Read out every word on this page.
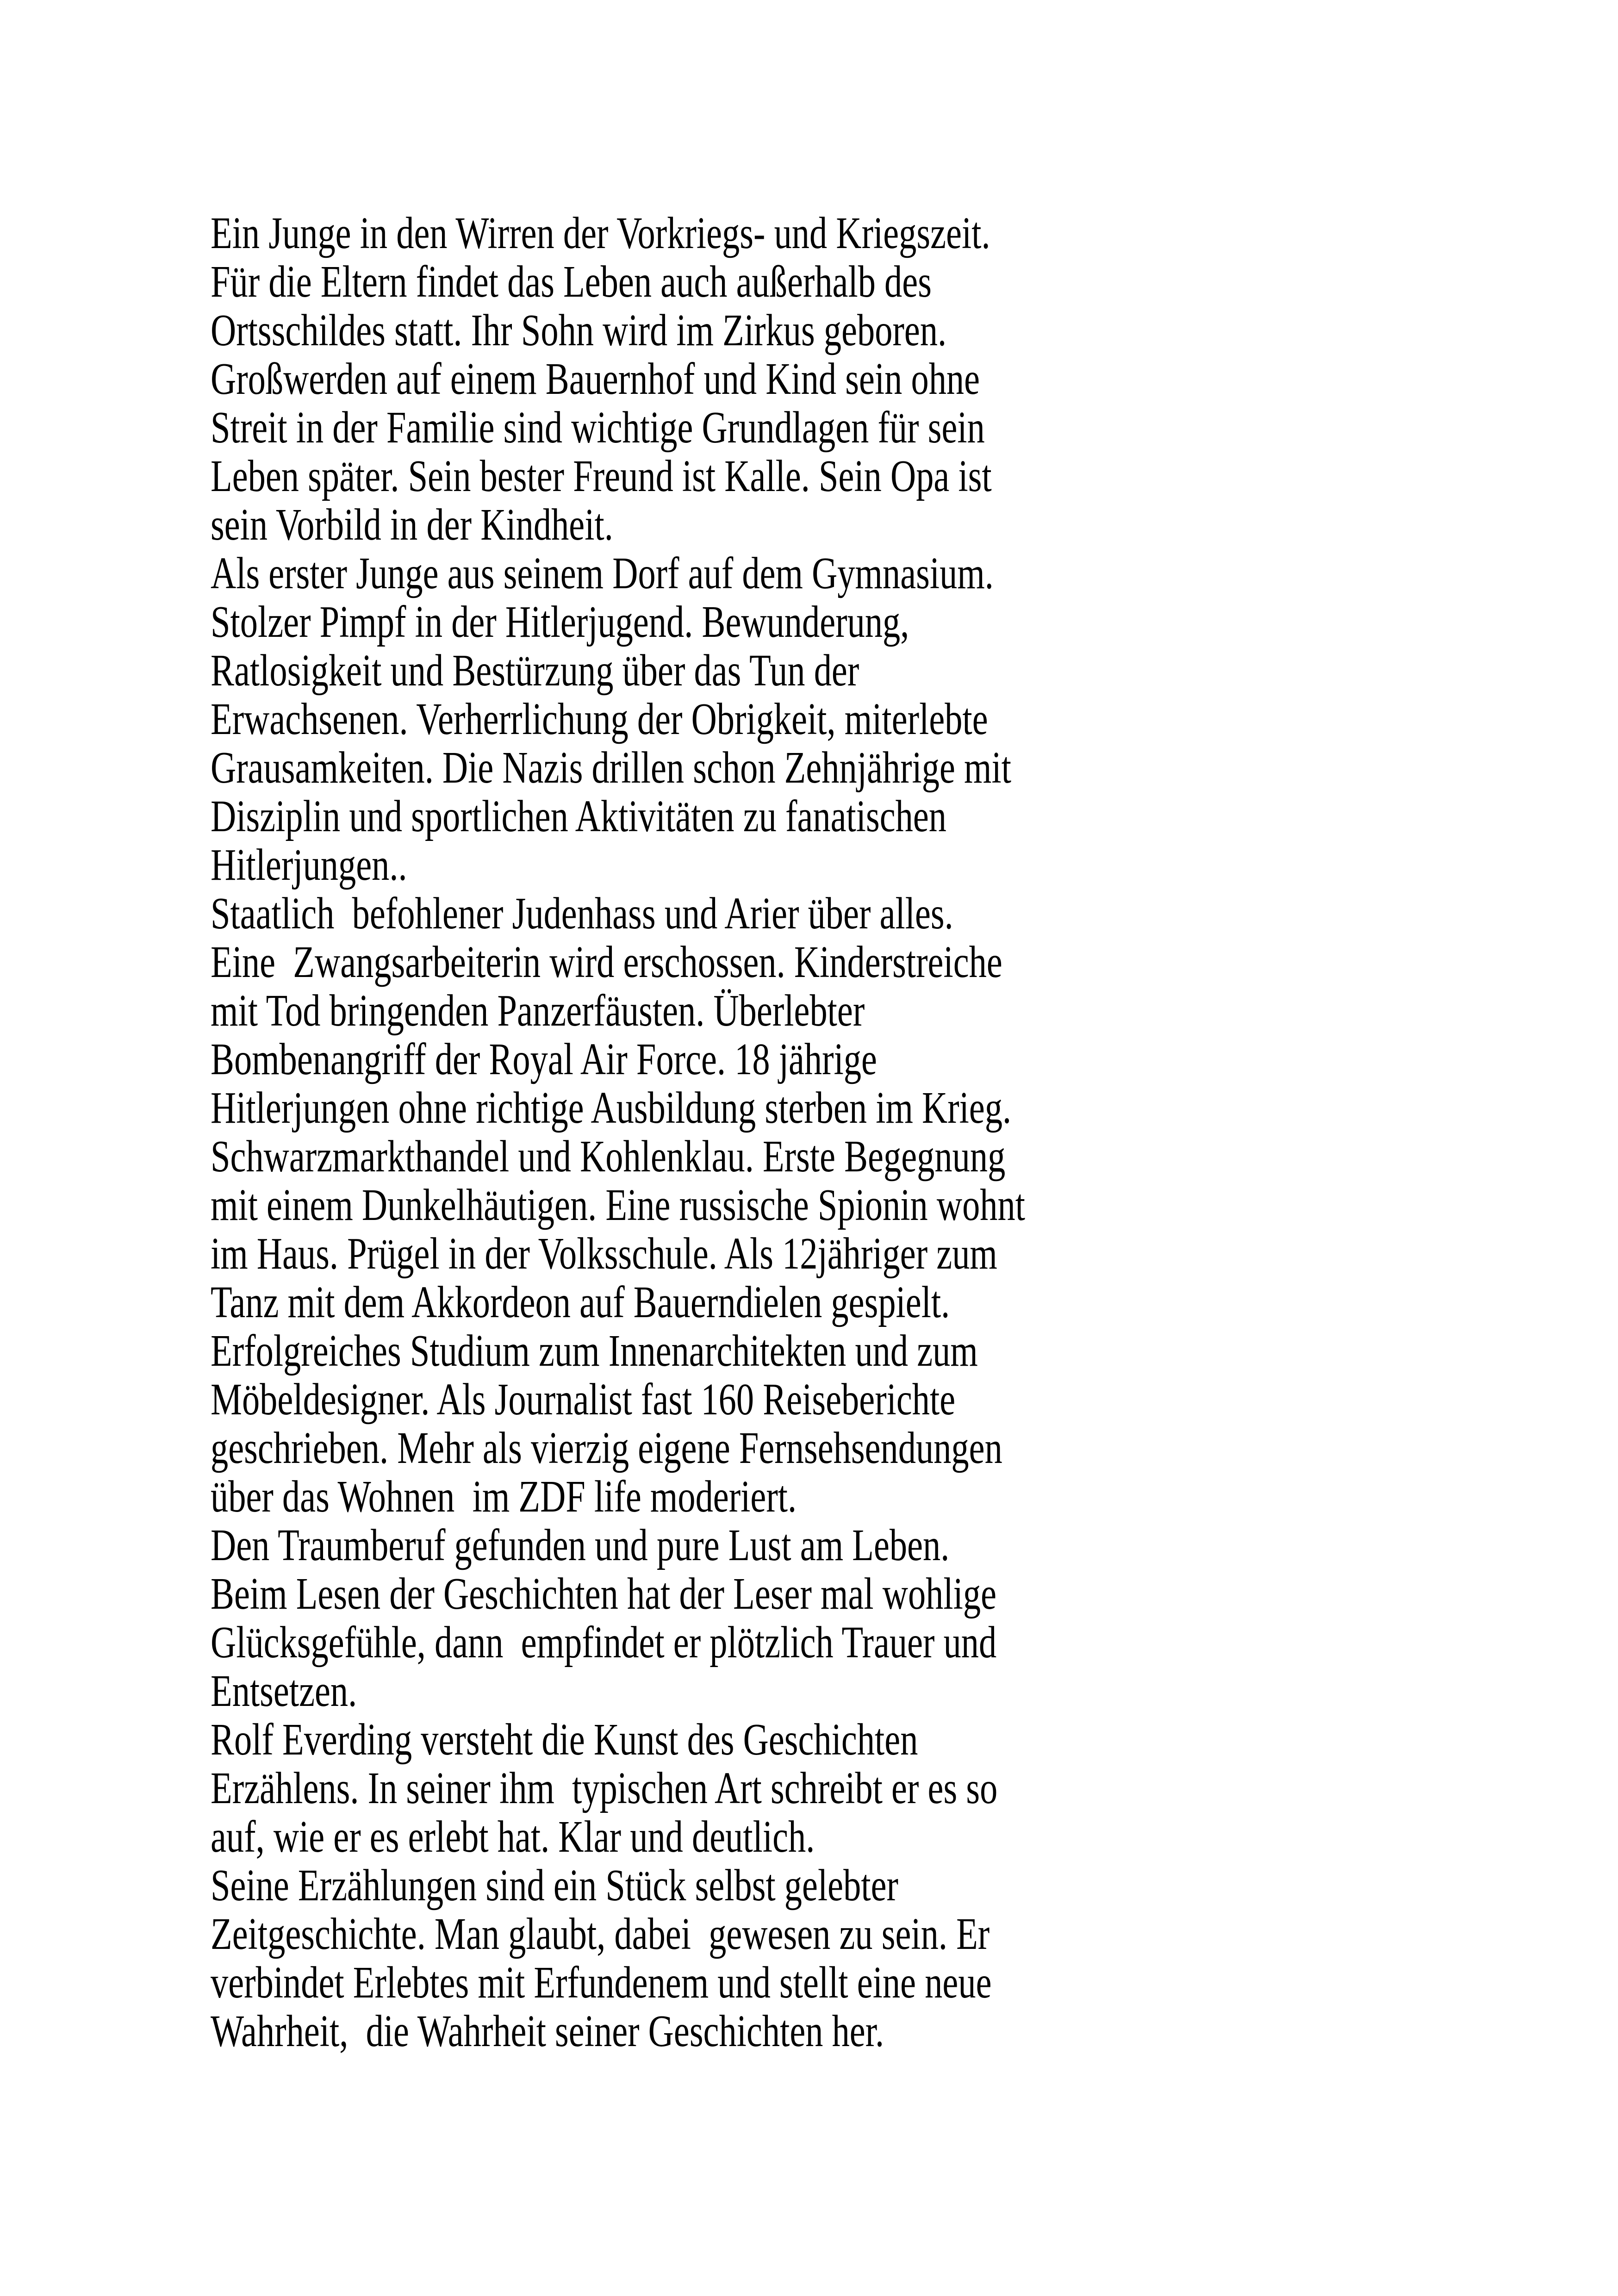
Ein Junge in den Wirren der Vorkriegs- und Kriegszeit.
Für die Eltern findet das Leben auch außerhalb des
Ortsschildes statt. Ihr Sohn wird im Zirkus geboren.
Großwerden auf einem Bauernhof und Kind sein ohne
Streit in der Familie sind wichtige Grundlagen für sein
Leben später. Sein bester Freund ist Kalle. Sein Opa ist
sein Vorbild in der Kindheit.
Als erster Junge aus seinem Dorf auf dem Gymnasium.
Stolzer Pimpf in der Hitlerjugend. Bewunderung,
Ratlosigkeit und Bestürzung über das Tun der
Erwachsenen. Verherrlichung der Obrigkeit, miterlebte
Grausamkeiten. Die Nazis drillen schon Zehnjährige mit
Disziplin und sportlichen Aktivitäten zu fanatischen
Hitlerjungen..
Staatlich  befohlener Judenhass und Arier über alles.
Eine  Zwangsarbeiterin wird erschossen. Kinderstreiche
mit Tod bringenden Panzerfäusten. Überlebter
Bombenangriff der Royal Air Force. 18 jährige
Hitlerjungen ohne richtige Ausbildung sterben im Krieg.
Schwarzmarkthandel und Kohlenklau. Erste Begegnung
mit einem Dunkelhäutigen. Eine russische Spionin wohnt
im Haus. Prügel in der Volksschule. Als 12jähriger zum
Tanz mit dem Akkordeon auf Bauerndielen gespielt.
Erfolgreiches Studium zum Innenarchitekten und zum
Möbeldesigner. Als Journalist fast 160 Reiseberichte
geschrieben. Mehr als vierzig eigene Fernsehsendungen
über das Wohnen  im ZDF life moderiert.
Den Traumberuf gefunden und pure Lust am Leben.
Beim Lesen der Geschichten hat der Leser mal wohlige
Glücksgefühle, dann  empfindet er plötzlich Trauer und
Entsetzen.
Rolf Everding versteht die Kunst des Geschichten
Erzählens. In seiner ihm  typischen Art schreibt er es so
auf, wie er es erlebt hat. Klar und deutlich.
Seine Erzählungen sind ein Stück selbst gelebter
Zeitgeschichte. Man glaubt, dabei  gewesen zu sein. Er
verbindet Erlebtes mit Erfundenem und stellt eine neue
Wahrheit,  die Wahrheit seiner Geschichten her.
